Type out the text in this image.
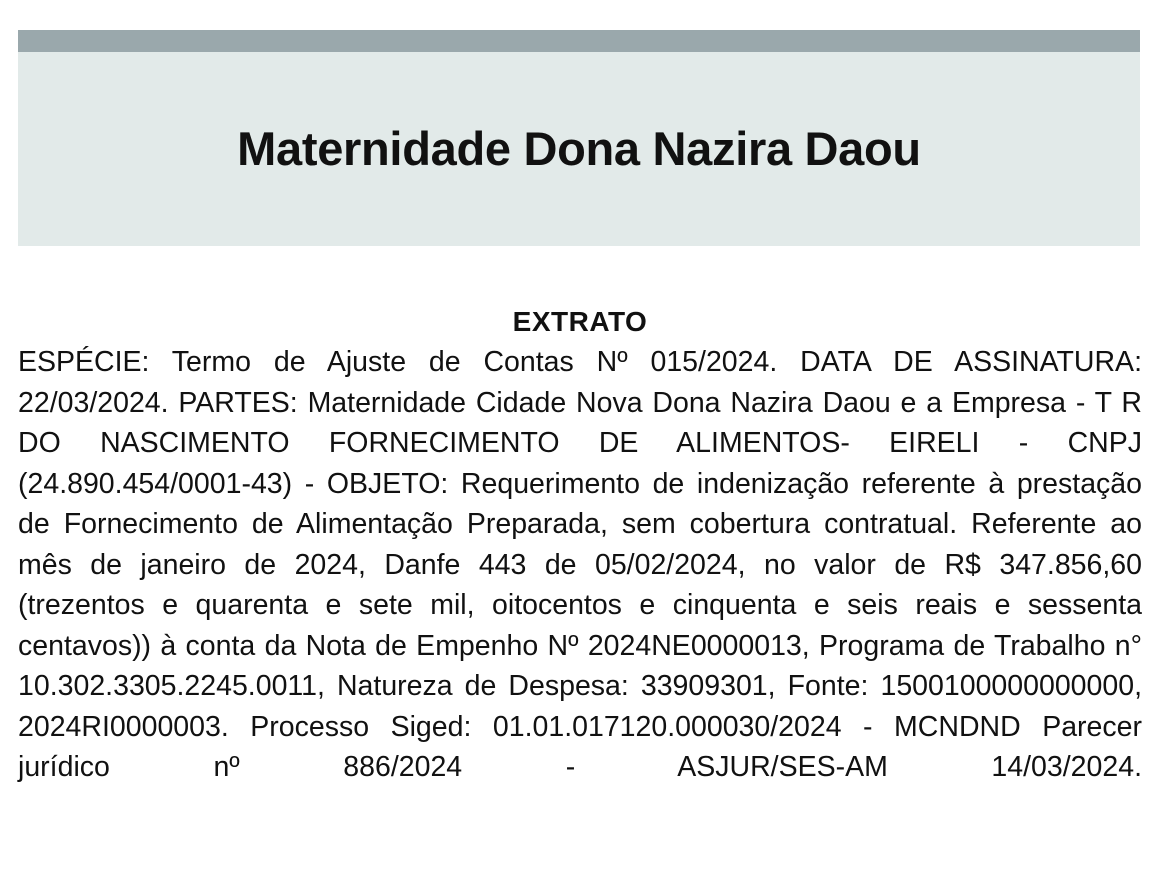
Maternidade Dona Nazira Daou
EXTRATO

ESPÉCIE: Termo de Ajuste de Contas Nº 015/2024. DATA DE ASSINATURA: 22/03/2024. PARTES: Maternidade Cidade Nova Dona Nazira Daou e a Empresa - T R DO NASCIMENTO FORNECIMENTO DE ALIMENTOS- EIRELI - CNPJ (24.890.454/0001-43) - OBJETO: Requerimento de indenização referente à prestação de Fornecimento de Alimentação Preparada, sem cobertura contratual. Referente ao mês de janeiro de 2024, Danfe 443 de 05/02/2024, no valor de R$ 347.856,60 (trezentos e quarenta e sete mil, oitocentos e cinquenta e seis reais e sessenta centavos)) à conta da Nota de Empenho Nº 2024NE0000013, Programa de Trabalho n° 10.302.3305.2245.0011, Natureza de Despesa: 33909301, Fonte: 1500100000000000, 2024RI0000003. Processo Siged: 01.01.017120.000030/2024 - MCNDND Parecer jurídico nº 886/2024 - ASJUR/SES-AM 14/03/2024.
